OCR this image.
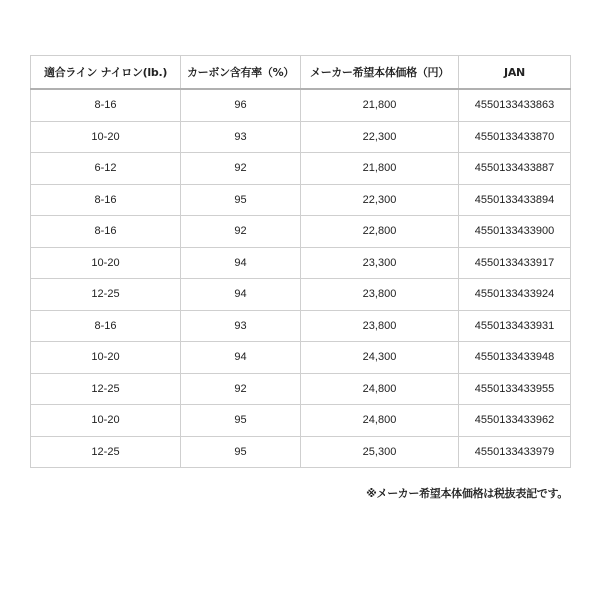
適合ライン ナイロン(lb.)	カーボン含有率（%）	メーカー希望本体価格（円）	JAN
8-16	96	21,800	4550133433863
10-20	93	22,300	4550133433870
6-12	92	21,800	4550133433887
8-16	95	22,300	4550133433894
8-16	92	22,800	4550133433900
10-20	94	23,300	4550133433917
12-25	94	23,800	4550133433924
8-16	93	23,800	4550133433931
10-20	94	24,300	4550133433948
12-25	92	24,800	4550133433955
10-20	95	24,800	4550133433962
12-25	95	25,300	4550133433979
※メーカー希望本体価格は税抜表記です。
